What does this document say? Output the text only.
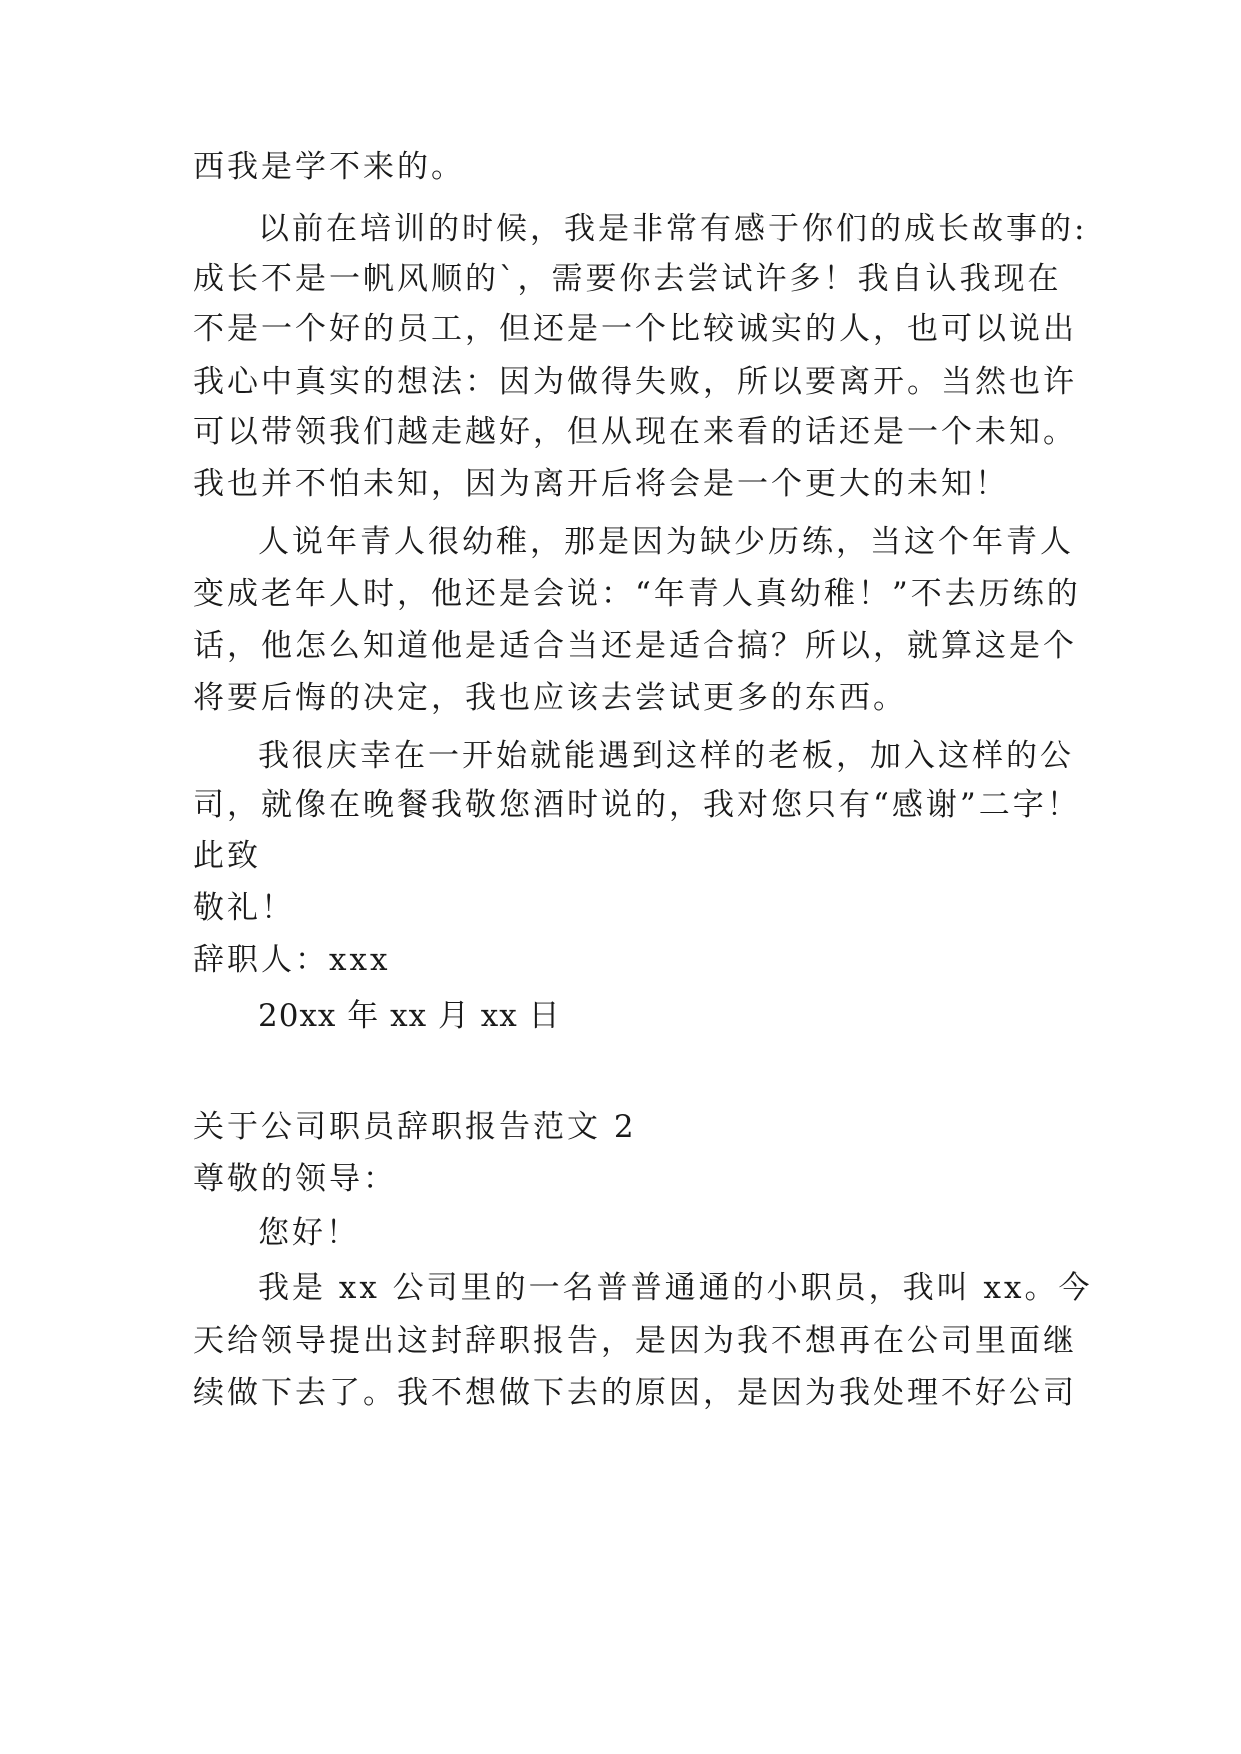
西我是学不来的。
以前在培训的时候，我是非常有感于你们的成长故事的:
成长不是一帆风顺的`，需要你去尝试许多！我自认我现在
不是一个好的员工，但还是一个比较诚实的人，也可以说出
我心中真实的想法：因为做得失败，所以要离开。当然也许
可以带领我们越走越好，但从现在来看的话还是一个未知。
我也并不怕未知，因为离开后将会是一个更大的未知！
人说年青人很幼稚，那是因为缺少历练，当这个年青人
变成老年人时，他还是会说：“年青人真幼稚！”不去历练的
话，他怎么知道他是适合当还是适合搞？所以，就算这是个
将要后悔的决定，我也应该去尝试更多的东西。
我很庆幸在一开始就能遇到这样的老板，加入这样的公
司，就像在晚餐我敬您酒时说的，我对您只有“感谢”二字！
此致
敬礼！
辞职人：xxx
20xx 年 xx 月 xx 日
关于公司职员辞职报告范文 2
尊敬的领导：
您好！
我是 xx 公司里的一名普普通通的小职员，我叫 xx。今
天给领导提出这封辞职报告，是因为我不想再在公司里面继
续做下去了。我不想做下去的原因，是因为我处理不好公司
